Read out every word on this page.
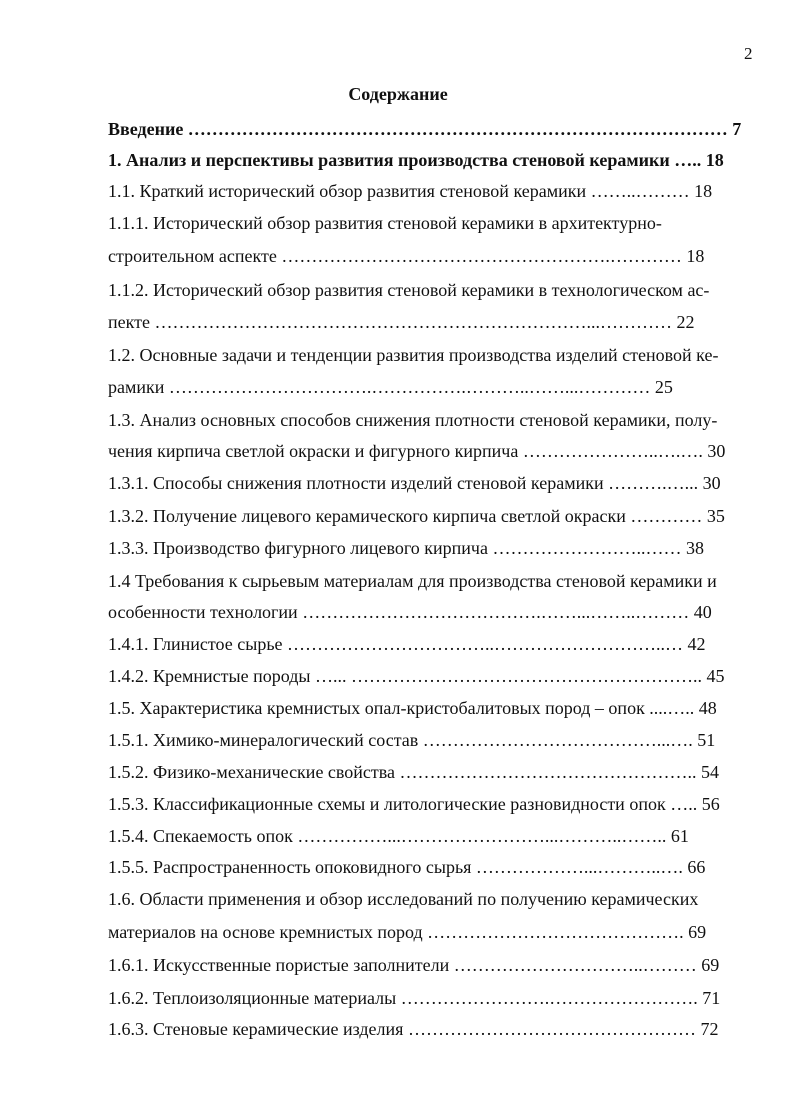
2
Содержание
Введение ……………………………………………………………………………… 7
1. Анализ и перспективы развития производства стеновой керамики ….. 18
1.1. Краткий исторический обзор развития стеновой керамики ……..……… 18
1.1.1. Исторический обзор развития стеновой керамики в архитектурно-
строительном аспекте ……………………………………………….………… 18
1.1.2. Исторический обзор развития стеновой керамики в технологическом ас-
пекте ………………………………………………………………...………… 22
1.2. Основные задачи и тенденции развития производства изделий стеновой ке-
рамики …………………………….…………….………..……...………… 25
1.3. Анализ основных способов снижения плотности стеновой керамики, полу-
чения кирпича светлой окраски и фигурного кирпича …………………..….…. 30
1.3.1. Способы снижения плотности изделий стеновой керамики ……….…... 30
1.3.2. Получение лицевого керамического кирпича светлой окраски ………… 35
1.3.3. Производство фигурного лицевого кирпича ……………………..…… 38
1.4 Требования к сырьевым материалам для производства стеновой керамики и
особенности технологии ………………………………….……...……..……… 40
1.4.1. Глинистое сырье ……………………………..………………………..… 42
1.4.2. Кремнистые породы …... ………………………………………………….. 45
1.5. Характеристика кремнистых опал-кристобалитовых пород – опок ....….. 48
1.5.1. Химико-минералогический состав …………………………………...…. 51
1.5.2. Физико-механические свойства ………………………………………….. 54
1.5.3. Классификационные схемы и литологические разновидности опок ….. 56
1.5.4. Спекаемость опок ……………...……………………...………..…….. 61
1.5.5. Распространенность опоковидного сырья ………………...………..…. 66
1.6. Области применения и обзор исследований по получению керамических
материалов на основе кремнистых пород ……………………………………. 69
1.6.1. Искусственные пористые заполнители …………………………..……… 69
1.6.2. Теплоизоляционные материалы …………………….……………………. 71
1.6.3. Стеновые керамические изделия ………………………………………… 72
